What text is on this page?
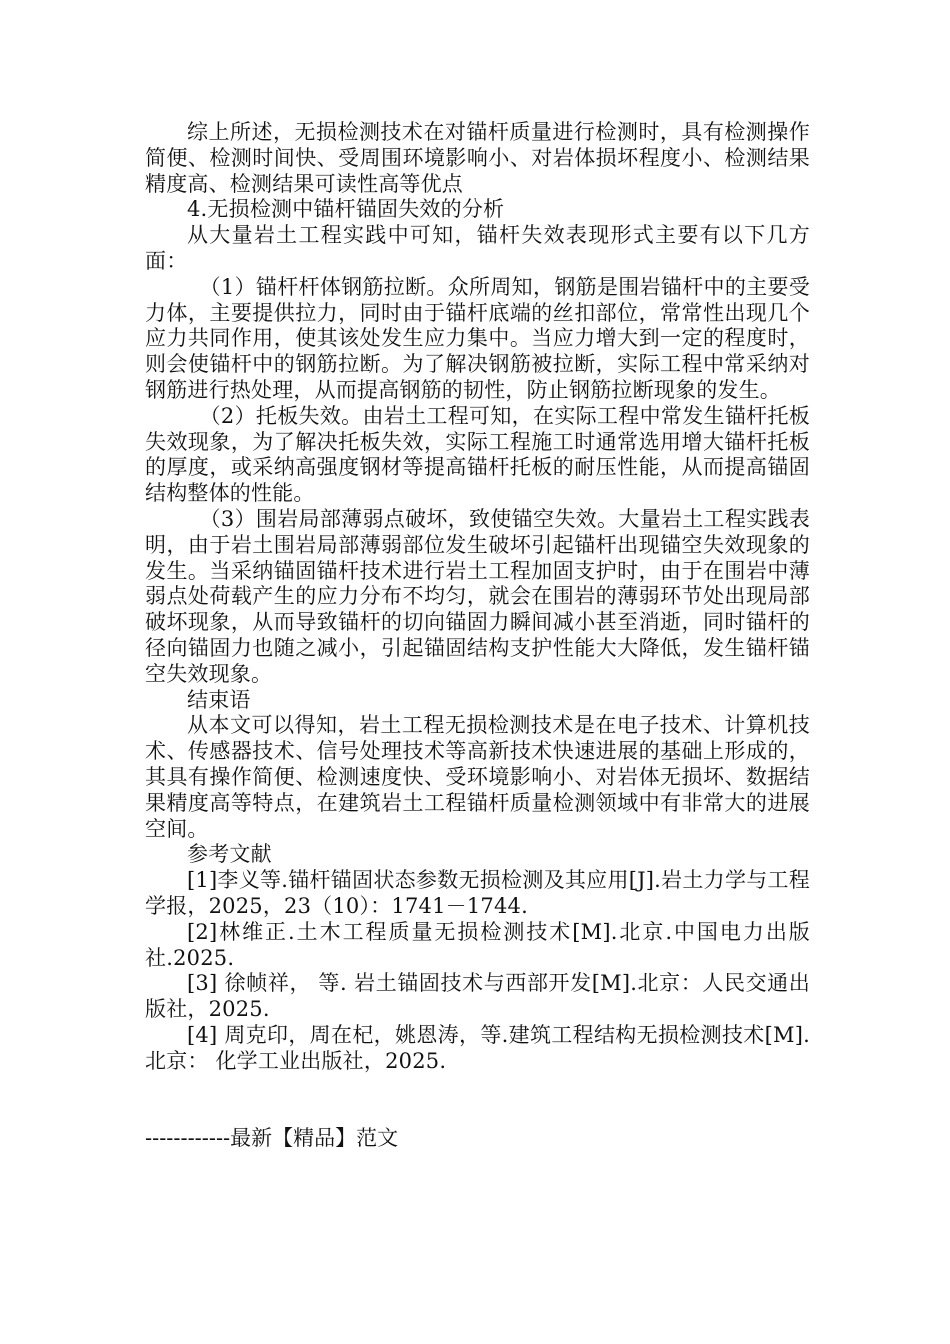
综上所述，无损检测技术在对锚杆质量进行检测时，具有检测操作简便、检测时间快、受周围环境影响小、对岩体损坏程度小、检测结果精度高、检测结果可读性高等优点

4.无损检测中锚杆锚固失效的分析

从大量岩土工程实践中可知，锚杆失效表现形式主要有以下几方面：

（1）锚杆杆体钢筋拉断。众所周知，钢筋是围岩锚杆中的主要受力体，主要提供拉力，同时由于锚杆底端的丝扣部位，常常性出现几个应力共同作用，使其该处发生应力集中。当应力增大到一定的程度时，则会使锚杆中的钢筋拉断。为了解决钢筋被拉断，实际工程中常采纳对钢筋进行热处理，从而提高钢筋的韧性，防止钢筋拉断现象的发生。

（2）托板失效。由岩土工程可知，在实际工程中常发生锚杆托板失效现象，为了解决托板失效，实际工程施工时通常选用增大锚杆托板的厚度，或采纳高强度钢材等提高锚杆托板的耐压性能，从而提高锚固结构整体的性能。

（3）围岩局部薄弱点破坏，致使锚空失效。大量岩土工程实践表明，由于岩土围岩局部薄弱部位发生破坏引起锚杆出现锚空失效现象的发生。当采纳锚固锚杆技术进行岩土工程加固支护时，由于在围岩中薄弱点处荷载产生的应力分布不均匀，就会在围岩的薄弱环节处出现局部破坏现象，从而导致锚杆的切向锚固力瞬间减小甚至消逝，同时锚杆的径向锚固力也随之减小，引起锚固结构支护性能大大降低，发生锚杆锚空失效现象。

结束语

从本文可以得知，岩土工程无损检测技术是在电子技术、计算机技术、传感器技术、信号处理技术等高新技术快速进展的基础上形成的，其具有操作简便、检测速度快、受环境影响小、对岩体无损坏、数据结果精度高等特点，在建筑岩土工程锚杆质量检测领域中有非常大的进展空间。

参考文献

[1]李义等.锚杆锚固状态参数无损检测及其应用[J].岩土力学与工程学报，2025，23（10）：1741－1744.

[2]林维正.土木工程质量无损检测技术[M].北京.中国电力出版社.2025.

[3] 徐帧祥， 等. 岩土锚固技术与西部开发[M].北京：人民交通出版社，2025.

[4] 周克印，周在杞，姚恩涛，等.建筑工程结构无损检测技术[M]. 北京： 化学工业出版社，2025.

------------最新【精品】范文
